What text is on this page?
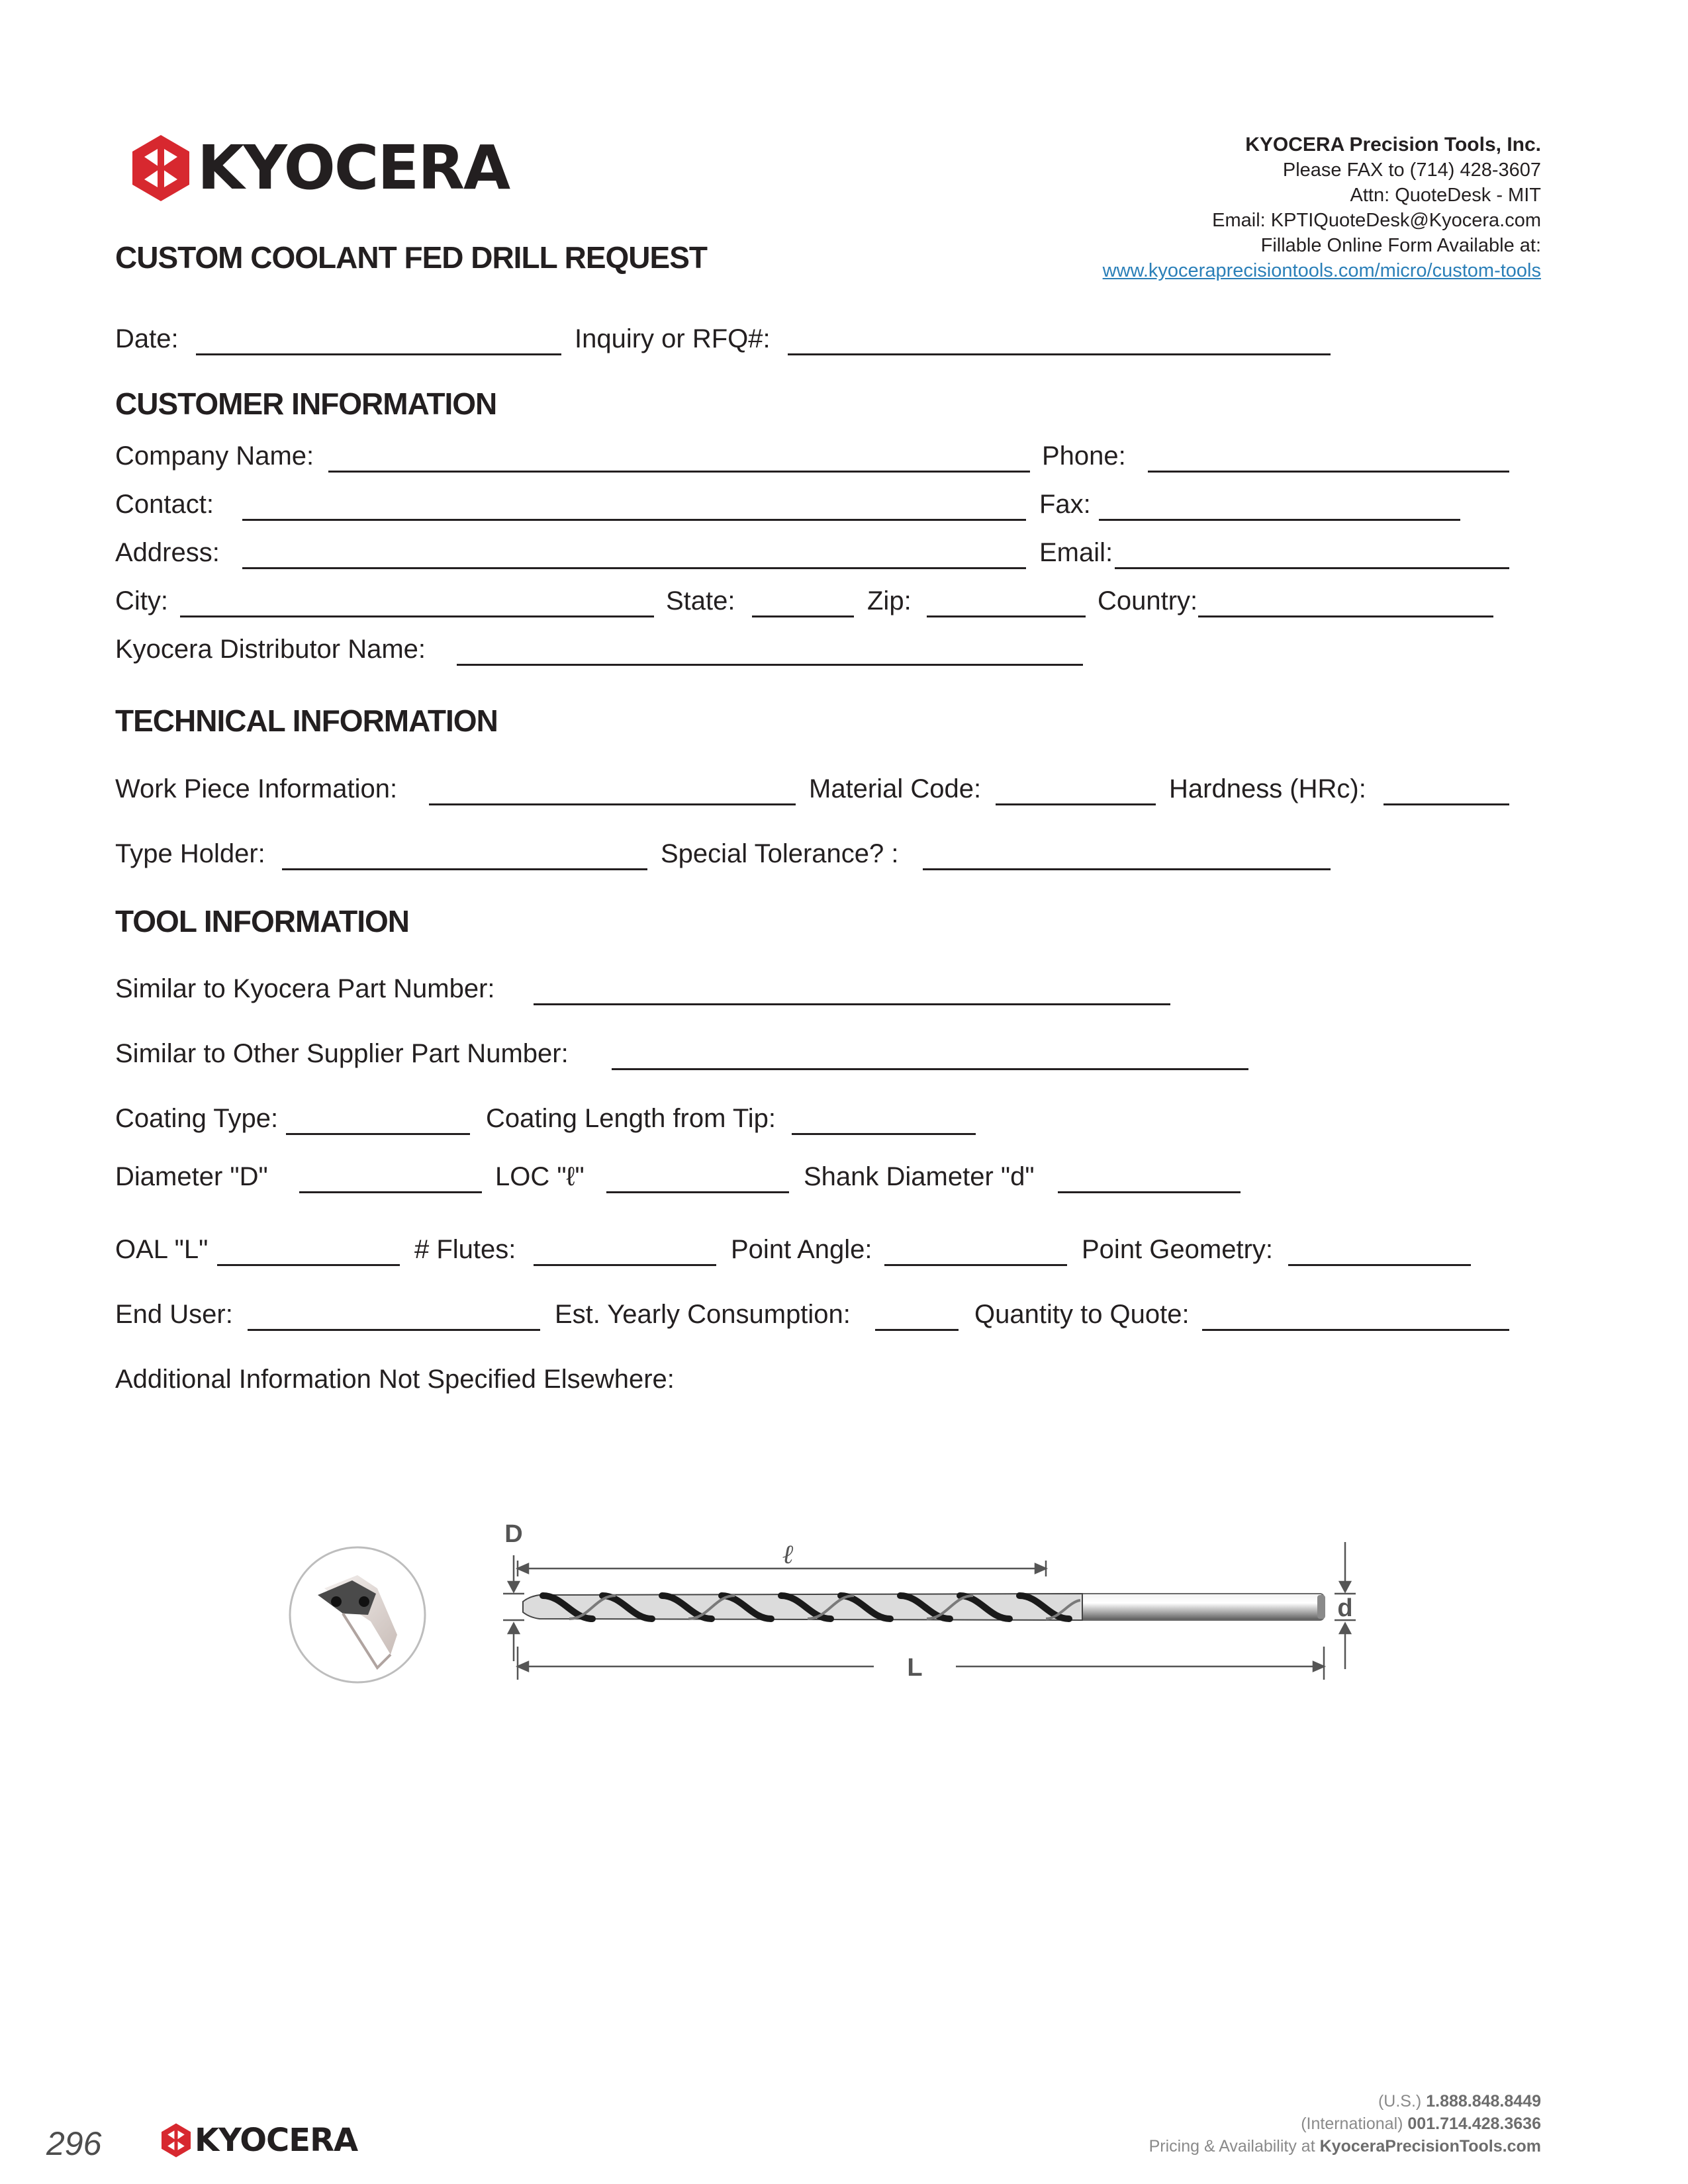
KYOCERA	KYOCERA Precision Tools, Inc.
Please FAX to (714) 428-3607
Attn: QuoteDesk - MIT
Email: KPTIQuoteDesk@Kyocera.com
Fillable Online Form Available at:
www.kyoceraprecisiontools.com/micro/custom-tools
CUSTOM COOLANT FED DRILL REQUEST
Date:	Inquiry or RFQ#:
CUSTOMER INFORMATION
Company Name:	Phone:
Contact:	Fax:
Address:	Email:
City:	State:	Zip:	Country:
Kyocera Distributor Name:
TECHNICAL INFORMATION
Work Piece Information:	Material Code:	Hardness (HRc):
Type Holder:	Special Tolerance? :
TOOL INFORMATION
Similar to Kyocera Part Number:
Similar to Other Supplier Part Number:
Coating Type:	Coating Length from Tip:
Diameter "D"	LOC "ℓ"	Shank Diameter "d"
OAL "L"	# Flutes:	Point Angle:	Point Geometry:
End User:	Est. Yearly Consumption:	Quantity to Quote:
Additional Information Not Specified Elsewhere:
D
ℓ
d
L
296	KYOCERA
(U.S.) 1.888.848.8449
(International) 001.714.428.3636
Pricing & Availability at KyoceraPrecisionTools.com
